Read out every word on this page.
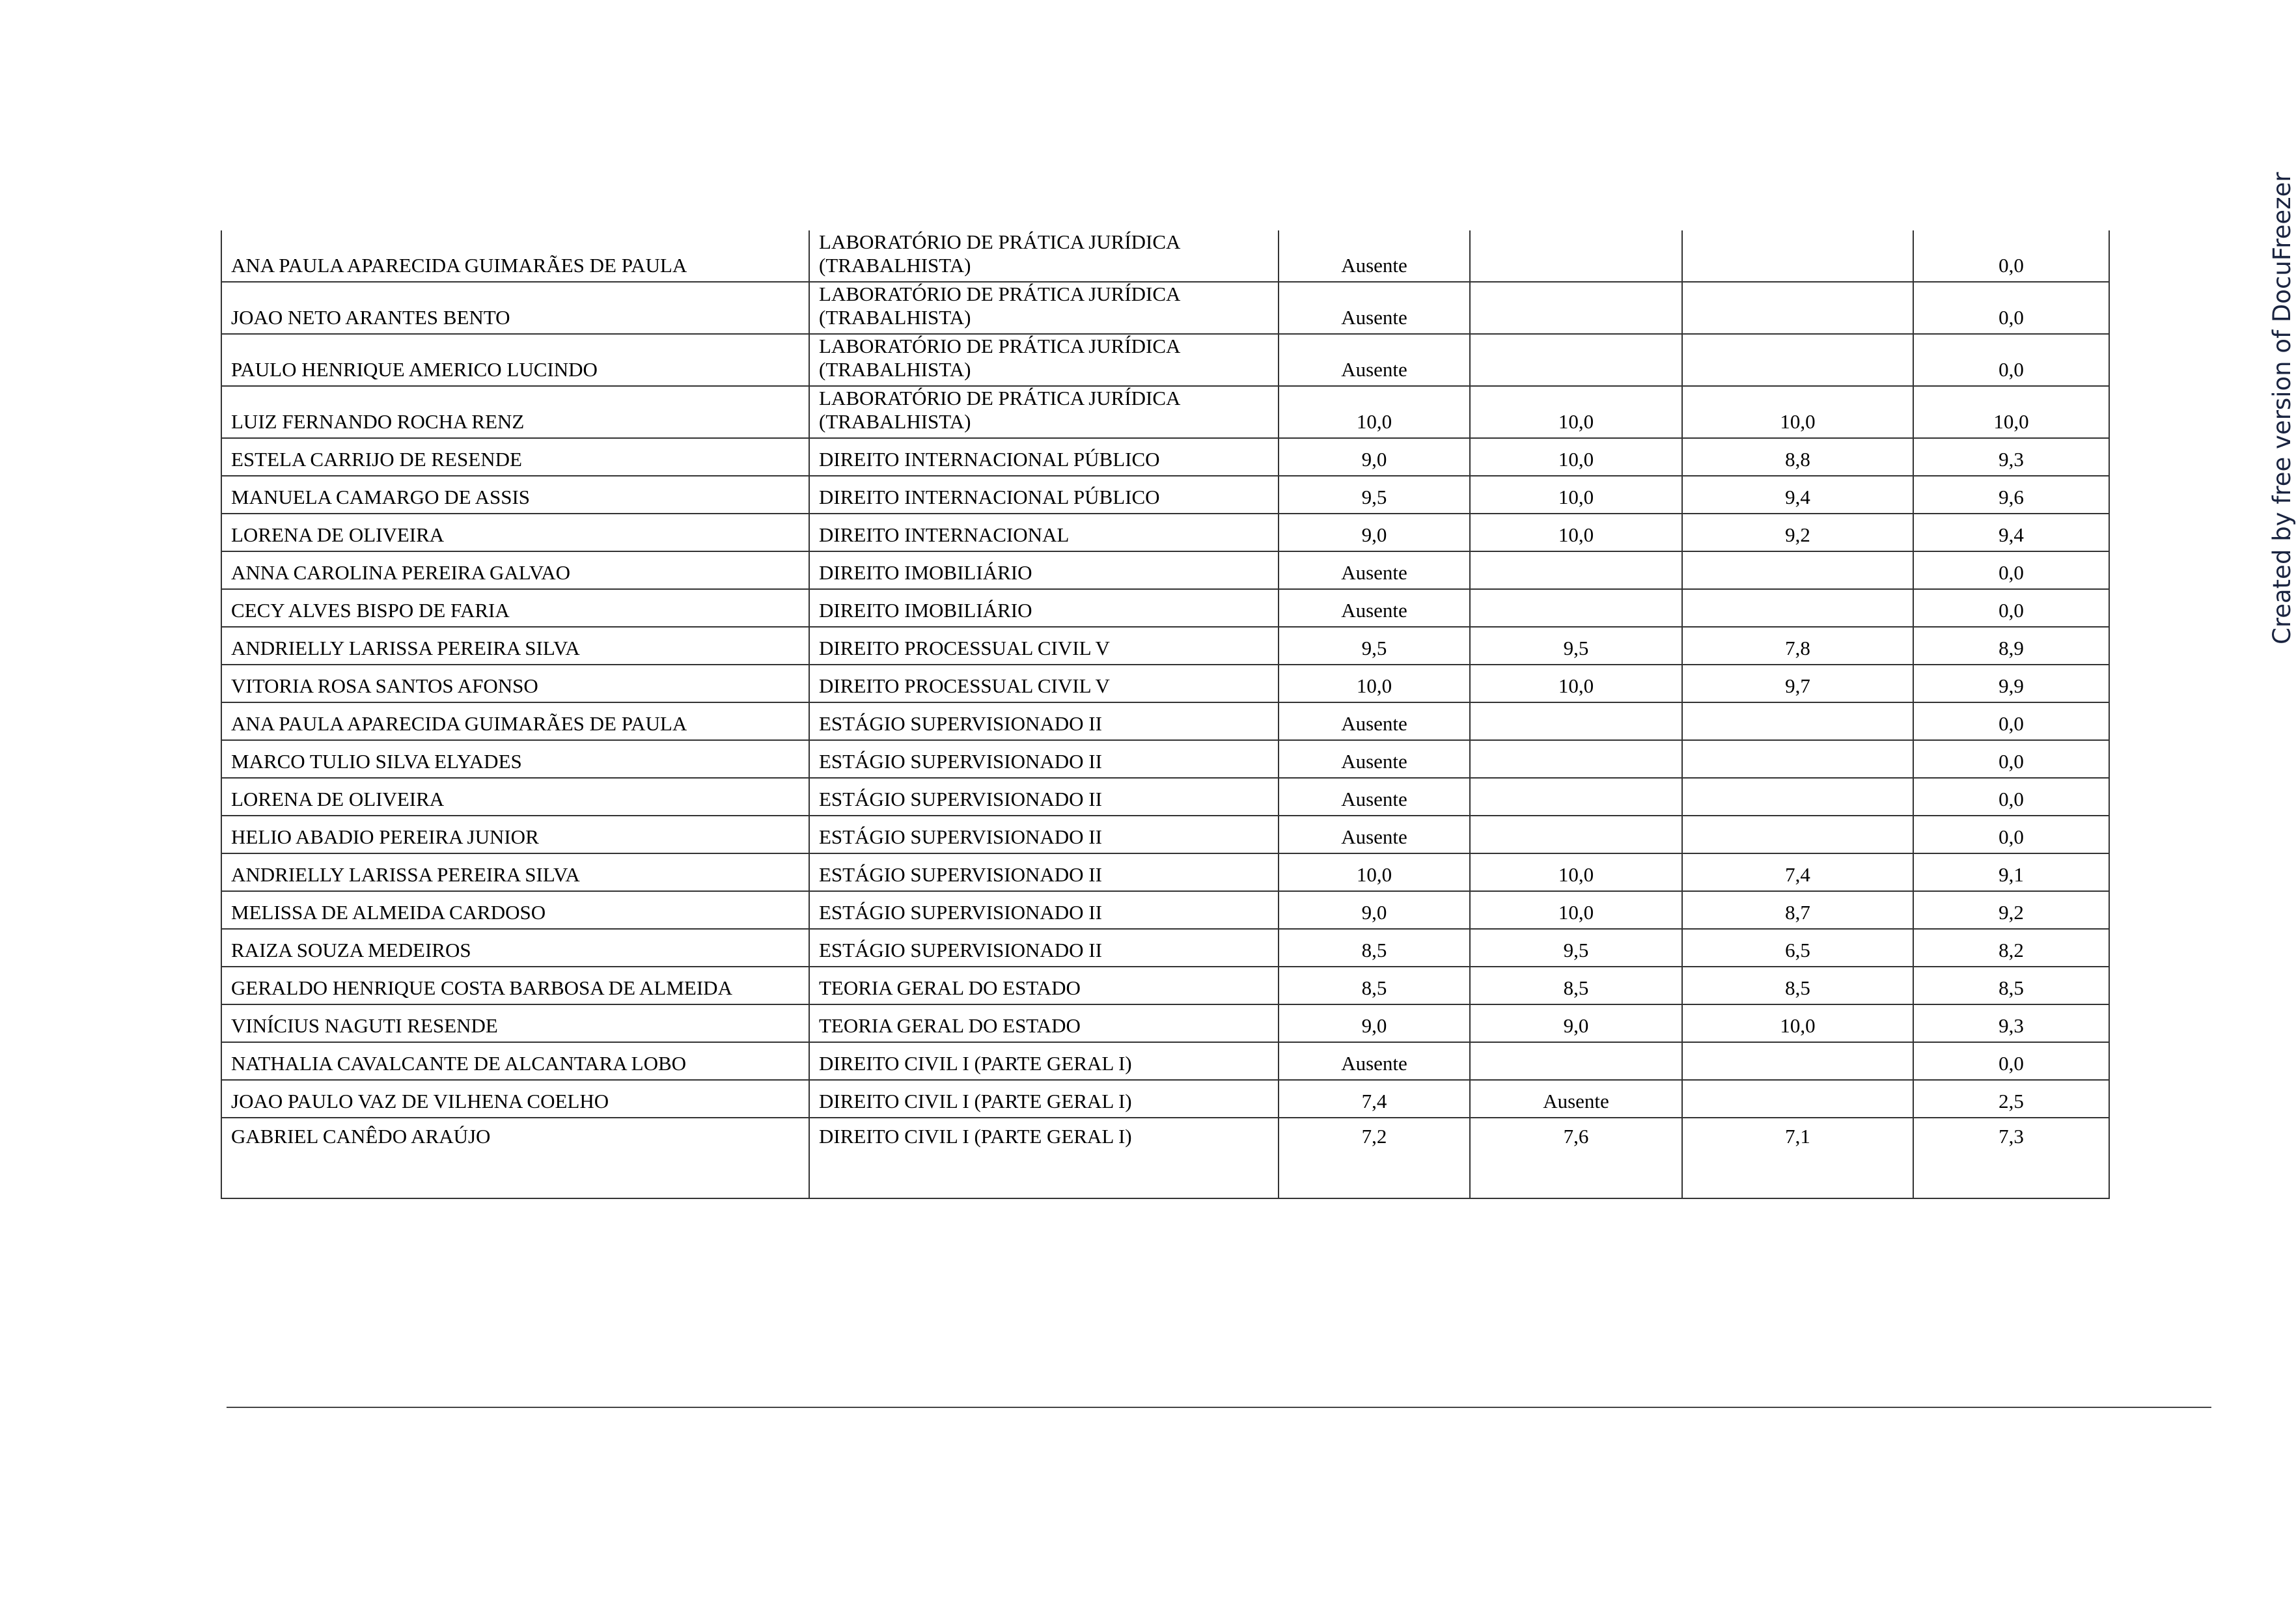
ANA PAULA APARECIDA GUIMARÃES DE PAULA	LABORATÓRIO DE PRÁTICA JURÍDICA
(TRABALHISTA)	Ausente			0,0
JOAO NETO ARANTES BENTO	LABORATÓRIO DE PRÁTICA JURÍDICA
(TRABALHISTA)	Ausente			0,0
PAULO HENRIQUE AMERICO LUCINDO	LABORATÓRIO DE PRÁTICA JURÍDICA
(TRABALHISTA)	Ausente			0,0
LUIZ FERNANDO ROCHA RENZ	LABORATÓRIO DE PRÁTICA JURÍDICA
(TRABALHISTA)	10,0	10,0	10,0	10,0
ESTELA CARRIJO DE RESENDE	DIREITO INTERNACIONAL PÚBLICO	9,0	10,0	8,8	9,3
MANUELA CAMARGO DE ASSIS	DIREITO INTERNACIONAL PÚBLICO	9,5	10,0	9,4	9,6
LORENA DE OLIVEIRA	DIREITO INTERNACIONAL	9,0	10,0	9,2	9,4
ANNA CAROLINA PEREIRA GALVAO	DIREITO IMOBILIÁRIO	Ausente			0,0
CECY ALVES BISPO DE FARIA	DIREITO IMOBILIÁRIO	Ausente			0,0
ANDRIELLY LARISSA PEREIRA SILVA	DIREITO PROCESSUAL CIVIL V	9,5	9,5	7,8	8,9
VITORIA ROSA SANTOS AFONSO	DIREITO PROCESSUAL CIVIL V	10,0	10,0	9,7	9,9
ANA PAULA APARECIDA GUIMARÃES DE PAULA	ESTÁGIO SUPERVISIONADO II	Ausente			0,0
MARCO TULIO SILVA ELYADES	ESTÁGIO SUPERVISIONADO II	Ausente			0,0
LORENA DE OLIVEIRA	ESTÁGIO SUPERVISIONADO II	Ausente			0,0
HELIO ABADIO PEREIRA JUNIOR	ESTÁGIO SUPERVISIONADO II	Ausente			0,0
ANDRIELLY LARISSA PEREIRA SILVA	ESTÁGIO SUPERVISIONADO II	10,0	10,0	7,4	9,1
MELISSA DE ALMEIDA CARDOSO	ESTÁGIO SUPERVISIONADO II	9,0	10,0	8,7	9,2
RAIZA SOUZA MEDEIROS	ESTÁGIO SUPERVISIONADO II	8,5	9,5	6,5	8,2
GERALDO HENRIQUE COSTA BARBOSA DE ALMEIDA	TEORIA GERAL DO ESTADO	8,5	8,5	8,5	8,5
VINÍCIUS NAGUTI RESENDE	TEORIA GERAL DO ESTADO	9,0	9,0	10,0	9,3
NATHALIA CAVALCANTE DE ALCANTARA LOBO	DIREITO CIVIL I (PARTE GERAL I)	Ausente			0,0
JOAO PAULO VAZ DE VILHENA COELHO	DIREITO CIVIL I (PARTE GERAL I)	7,4	Ausente		2,5
GABRIEL CANÊDO ARAÚJO	DIREITO CIVIL I (PARTE GERAL I)	7,2	7,6	7,1	7,3
Created by free version of DocuFreezer
